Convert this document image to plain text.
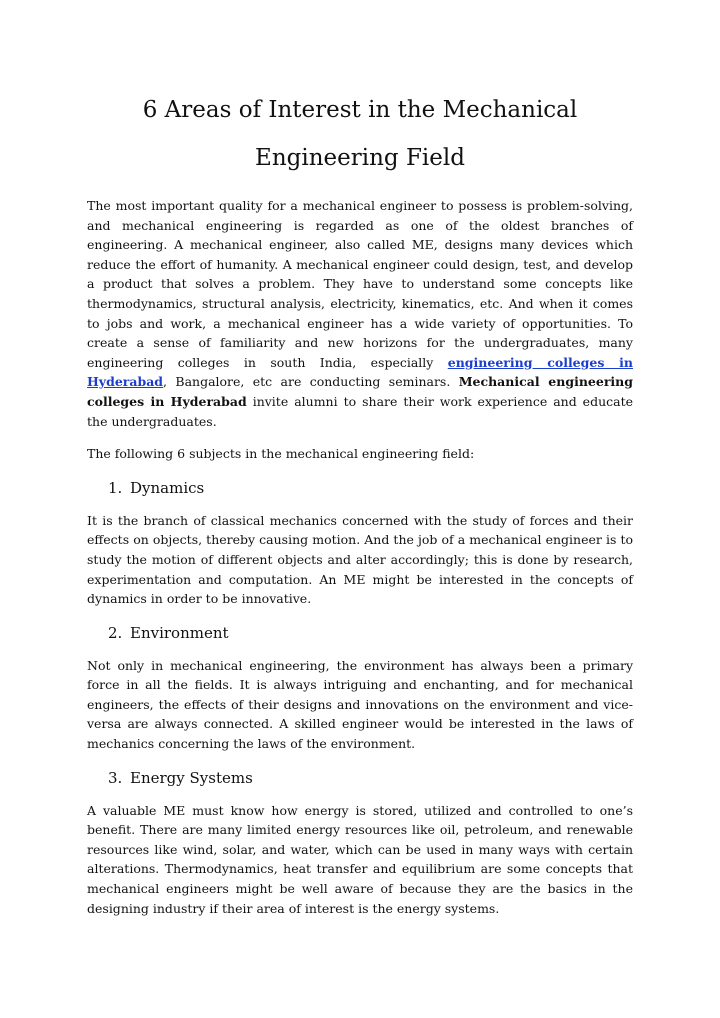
6 Areas of Interest in the Mechanical Engineering Field

The most important quality for a mechanical engineer to possess is problem-solving, and mechanical engineering is regarded as one of the oldest branches of engineering. A mechanical engineer, also called ME, designs many devices which reduce the effort of humanity. A mechanical engineer could design, test, and develop a product that solves a problem. They have to understand some concepts like thermodynamics, structural analysis, electricity, kinematics, etc. And when it comes to jobs and work, a mechanical engineer has a wide variety of opportunities. To create a sense of familiarity and new horizons for the undergraduates, many engineering colleges in south India, especially engineering colleges in Hyderabad, Bangalore, etc are conducting seminars. Mechanical engineering colleges in Hyderabad invite alumni to share their work experience and educate the undergraduates.

The following 6 subjects in the mechanical engineering field:

1. Dynamics

It is the branch of classical mechanics concerned with the study of forces and their effects on objects, thereby causing motion. And the job of a mechanical engineer is to study the motion of different objects and alter accordingly; this is done by research, experimentation and computation. An ME might be interested in the concepts of dynamics in order to be innovative.

2. Environment

Not only in mechanical engineering, the environment has always been a primary force in all the fields. It is always intriguing and enchanting, and for mechanical engineers, the effects of their designs and innovations on the environment and vice-versa are always connected. A skilled engineer would be interested in the laws of mechanics concerning the laws of the environment.

3. Energy Systems

A valuable ME must know how energy is stored, utilized and controlled to one’s benefit. There are many limited energy resources like oil, petroleum, and renewable resources like wind, solar, and water, which can be used in many ways with certain alterations. Thermodynamics, heat transfer and equilibrium are some concepts that mechanical engineers might be well aware of because they are the basics in the designing industry if their area of interest is the energy systems.
